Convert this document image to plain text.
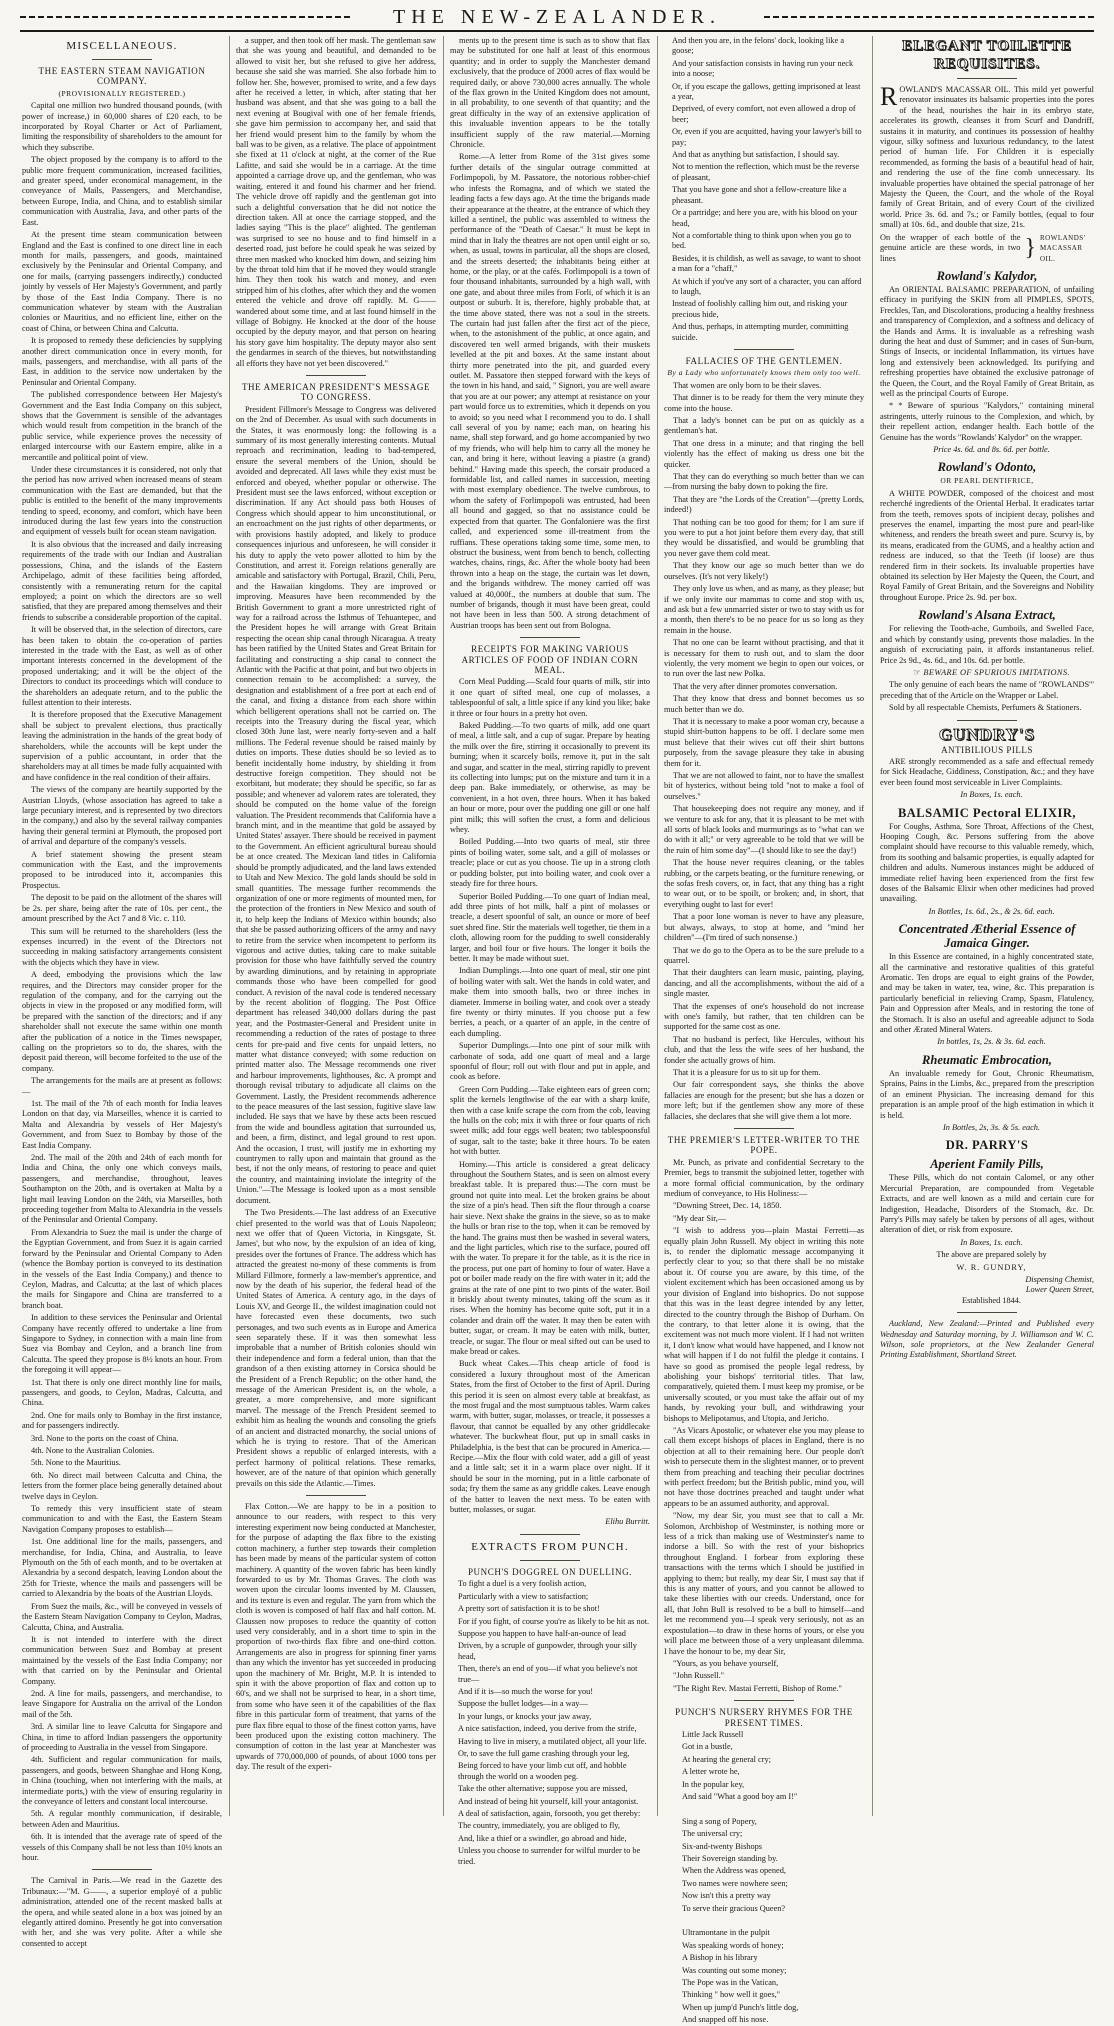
THE NEW-ZEALANDER.
MISCELLANEOUS.
THE EASTERN STEAM NAVIGATION COMPANY.

(PROVISIONALLY REGISTERED.)

Capital one million two hundred thousand pounds, (with power of increase,) in 60,000 shares of £20 each, to be incorporated by Royal Charter or Act of Parliament, limiting the responsibility of shareholders to the amount for which they subscribe.

The object proposed by the company is to afford to the public more frequent communication, increased facilities, and greater speed, under economical management, in the conveyance of Mails, Passengers, and Merchandise, between Europe, India, and China, and to establish similar communication with Australia, Java, and other parts of the East.

At the present time steam communication between England and the East is confined to one direct line in each month for mails, passengers, and goods, maintained exclusively by the Peninsular and Oriental Company, and one for mails, (carrying passengers indirectly,) conducted jointly by vessels of Her Majesty's Government, and partly by those of the East India Company. There is no communication whatever by steam with the Australian colonies or Mauritius, and no efficient line, either on the coast of China, or between China and Calcutta.

It is proposed to remedy these deficiencies by supplying another direct communication once in every month, for mails, passengers, and merchandise, with all parts of the East, in addition to the service now undertaken by the Peninsular and Oriental Company.

The published correspondence between Her Majesty's Government and the East India Company on this subject, shows that the Government is sensible of the advantages which would result from competition in the branch of the public service, while experience proves the necessity of enlarged intercourse with our Eastern empire, alike in a mercantile and political point of view.

Under these circumstances it is considered, not only that the period has now arrived when increased means of steam communication with the East are demanded, but that the public is entitled to the benefit of the many improvements tending to speed, economy, and comfort, which have been introduced during the last few years into the construction and equipment of vessels built for ocean steam navigation.

It is also obvious that the increased and daily increasing requirements of the trade with our Indian and Australian possessions, China, and the islands of the Eastern Archipelago, admit of these facilities being afforded, consistently with a remunerating return for the capital employed; a point on which the directors are so well satisfied, that they are prepared among themselves and their friends to subscribe a considerable proportion of the capital.

It will be observed that, in the selection of directors, care has been taken to obtain the co-operation of parties interested in the trade with the East, as well as of other important interests concerned in the development of the proposed undertaking; and it will be the object of the Directors to conduct its proceedings which will conduce to the shareholders an adequate return, and to the public the fullest attention to their interests.

It is therefore proposed that the Executive Management shall be subject to prevalent elections, thus practically leaving the administration in the hands of the great body of shareholders, while the accounts will be kept under the supervision of a public accountant, in order that the shareholders may at all times be made fully acquainted with and have confidence in the real condition of their affairs.

The views of the company are heartily supported by the Austrian Lloyds, (whose association has agreed to take a large pecuniary interest, and is represented by two directors in the company,) and also by the several railway companies having their general termini at Plymouth, the proposed port of arrival and departure of the company's vessels.

A brief statement showing the present steam communication with the East, and the improvements proposed to be introduced into it, accompanies this Prospectus.

The deposit to be paid on the allotment of the shares will be 2s. per share, being after the rate of 10s. per cent., the amount prescribed by the Act 7 and 8 Vic. c. 110.

This sum will be returned to the shareholders (less the expenses incurred) in the event of the Directors not succeeding in making satisfactory arrangements consistent with the objects which they have in view.

A deed, embodying the provisions which the law requires, and the Directors may consider proper for the regulation of the company, and for the carrying out the objects in view in the proposed or any modified form, will be prepared with the sanction of the directors; and if any shareholder shall not execute the same within one month after the publication of a notice in the Times newspaper, calling on the proprietors so to do, the shares, with the deposit paid thereon, will become forfeited to the use of the company.

The arrangements for the mails are at present as follows:—

1st. The mail of the 7th of each month for India leaves London on that day, via Marseilles, whence it is carried to Malta and Alexandria by vessels of Her Majesty's Government, and from Suez to Bombay by those of the East India Company.

2nd. The mail of the 20th and 24th of each month for India and China, the only one which conveys mails, passengers, and merchandise, throughout, leaves Southampton on the 20th, and is overtaken at Malta by a light mail leaving London on the 24th, via Marseilles, both proceeding together from Malta to Alexandria in the vessels of the Peninsular and Oriental Company.

From Alexandria to Suez the mail is under the charge of the Egyptian Government, and from Suez it is again carried forward by the Peninsular and Oriental Company to Aden (whence the Bombay portion is conveyed to its destination in the vessels of the East India Company,) and thence to Ceylon, Madras, and Calcutta; at the last of which places the mails for Singapore and China are transferred to a branch boat.

In addition to these services the Peninsular and Oriental Company have recently offered to undertake a line from Singapore to Sydney, in connection with a main line from Suez via Bombay and Ceylon, and a branch line from Calcutta. The speed they propose is 8½ knots an hour. From the foregoing it will appear—

1st. That there is only one direct monthly line for mails, passengers, and goods, to Ceylon, Madras, Calcutta, and China.

2nd. One for mails only to Bombay in the first instance, and for passengers indirectly.

3rd. None to the ports on the coast of China.

4th. None to the Australian Colonies.

5th. None to the Mauritius.

6th. No direct mail between Calcutta and China, the letters from the former place being generally detained about twelve days in Ceylon.

To remedy this very insufficient state of steam communication to and with the East, the Eastern Steam Navigation Company proposes to establish—

1st. One additional line for the mails, passengers, and merchandise, for India, China, and Australia, to leave Plymouth on the 5th of each month, and to be overtaken at Alexandria by a second despatch, leaving London about the 25th for Trieste, whence the mails and passengers will be carried to Alexandria by the boats of the Austrian Lloyds.

From Suez the mails, &c., will be conveyed in vessels of the Eastern Steam Navigation Company to Ceylon, Madras, Calcutta, China, and Australia.

It is not intended to interfere with the direct communication between Suez and Bombay at present maintained by the vessels of the East India Company; nor with that carried on by the Peninsular and Oriental Company.

2nd. A line for mails, passengers, and merchandise, to leave Singapore for Australia on the arrival of the London mail of the 5th.

3rd. A similar line to leave Calcutta for Singapore and China, in time to afford Indian passengers the opportunity of proceeding to Australia in the vessel from Singapore.

4th. Sufficient and regular communication for mails, passengers, and goods, between Shanghae and Hong Kong, in China (touching, when not interfering with the mails, at intermediate ports,) with the view of ensuring regularity in the conveyance of letters and constant local intercourse.

5th. A regular monthly communication, if desirable, between Aden and Mauritius.

6th. It is intended that the average rate of speed of the vessels of this Company shall be not less than 10½ knots an hour.

The Carnival in Paris.—We read in the Gazette des Tribunaux:—"M. G——, a superior employé of a public administration, attended one of the recent masked balls at the opera, and while seated alone in a box was joined by an elegantly attired domino. Presently he got into conversation with her, and she was very polite. After a while she consented to accept

a supper, and then took off her mask. The gentleman saw that she was young and beautiful, and demanded to be allowed to visit her, but she refused to give her address, because she said she was married. She also forbade him to follow her. She, however, promised to write, and a few days after he received a letter, in which, after stating that her husband was absent, and that she was going to a ball the next evening at Bougival with one of her female friends, she gave him permission to accompany her, and said that her friend would present him to the family by whom the ball was to be given, as a relative. The place of appointment she fixed at 11 o'clock at night, at the corner of the Rue Lafitte, and said she would be in a carriage. At the time appointed a carriage drove up, and the gentleman, who was waiting, entered it and found his charmer and her friend. The vehicle drove off rapidly and the gentleman got into such a delightful conversation that he did not notice the direction taken. All at once the carriage stopped, and the ladies saying "This is the place" alighted. The gentleman was surprised to see no house and to find himself in a deserted road, just before he could speak he was seized by three men masked who knocked him down, and seizing him by the throat told him that if he moved they would strangle him. They then took his watch and money, and even stripped him of his clothes, after which they and the women entered the vehicle and drove off rapidly. M. G—— wandered about some time, and at last found himself in the village of Bobigny. He knocked at the door of the house occupied by the deputy mayor, and that person on hearing his story gave him hospitality. The deputy mayor also sent the gendarmes in search of the thieves, but notwithstanding all efforts they have not yet been discovered."

THE AMERICAN PRESIDENT'S MESSAGE TO CONGRESS.

President Fillmore's Message to Congress was delivered on the 2nd of December. As usual with such documents in the States, it was enormously long: the following is a summary of its most generally interesting contents. Mutual reproach and recrimination, leading to bad-tempered, ensure the several members of the Union, should be avoided and deprecated. All laws while they exist must be enforced and obeyed, whether popular or otherwise. The President must see the laws enforced, without exception or discrimination. If any Act should pass both Houses of Congress which should appear to him unconstitutional, or an encroachment on the just rights of other departments, or with provisions hastily adopted, and likely to produce consequences injurious and unforeseen, he will consider it his duty to apply the veto power allotted to him by the Constitution, and arrest it. Foreign relations generally are amicable and satisfactory with Portugal, Brazil, Chili, Peru, and the Hawaiian kingdoms. They are improved or improving. Measures have been recommended by the British Government to grant a more unrestricted right of way for a railroad across the Isthmus of Tehuantepec, and the President hopes he will arrange with Great Britain respecting the ocean ship canal through Nicaragua. A treaty has been ratified by the United States and Great Britain for facilitating and constructing a ship canal to connect the Atlantic with the Pacific at that point, and but two objects in connection remain to be accomplished: a survey, the designation and establishment of a free port at each end of the canal, and fixing a distance from each shore within which belligerent operations shall not be carried on. The receipts into the Treasury during the fiscal year, which closed 30th June last, were nearly forty-seven and a half millions. The Federal revenue should be raised mainly by duties on imports. These duties should be so levied as to benefit incidentally home industry, by shielding it from destructive foreign competition. They should not be exorbitant, but moderate; they should be specific, so far as possible; and whenever ad valorem rates are tolerated, they should be computed on the home value of the foreign valuation. The President recommends that California have a branch mint, and in the meantime that gold be assayed by United States' assayer. There should be received in payment to the Government. An efficient agricultural bureau should be at once created. The Mexican land titles in California should be promptly adjudicated, and the land laws extended to Utah and New Mexico. The gold lands should be sold in small quantities. The message further recommends the organization of one or more regiments of mounted men, for the protection of the frontiers in New Mexico and south of it, to help keep the Indians of Mexico within bounds; also that she be passed authorizing officers of the army and navy to retire from the service when incompetent to perform its vigorous and active duties, taking care to make suitable provision for those who have faithfully served the country by awarding diminutions, and by retaining in appropriate commands those who have been compelled for good conduct. A revision of the naval code is tendered necessary by the recent abolition of flogging. The Post Office department has released 340,000 dollars during the past year, and the Postmaster-General and President unite in recommending a reduction of the rates of postage to three cents for pre-paid and five cents for unpaid letters, no matter what distance conveyed; with some reduction on printed matter also. The Message recommends one river and harbour improvements, lighthouses, &c. A prompt and thorough revisal tributary to adjudicate all claims on the Government. Lastly, the President recommends adherence to the peace measures of the last session, fugitive slave law included. He says that we have by these acts been rescued from the wide and boundless agitation that surrounded us, and been, a firm, distinct, and legal ground to rest upon. And the occasion, I trust, will justify me in exhorting my countrymen to rally upon and maintain that ground as the best, if not the only means, of restoring to peace and quiet the country, and maintaining inviolate the integrity of the Union."—The Message is looked upon as a most sensible document.

The Two Presidents.—The last address of an Executive chief presented to the world was that of Louis Napoleon; next we offer that of Queen Victoria, in Kingsgate, St. James', but who now, by the expulsion of an idea of king, presides over the fortunes of France. The address which has attracted the greatest no-mony of these comments is from Millard Fillmore, formerly a law-member's apprentice, and now by the death of his superior, the federal head of the United States of America. A century ago, in the days of Louis XV, and George II., the wildest imagination could not have forecasted even these documents, two such personages, and two such events as in Europe and America seen separately these. If it was then somewhat less improbable that a number of British colonies should win their independence and form a federal union, than that the grandson of a then existing attorney in Corsica should be the President of a French Republic; on the other hand, the message of the American President is, on the whole, a greater, a more comprehensive, and more significant marvel. The message of the French President seemed to exhibit him as healing the wounds and consoling the griefs of an ancient and distracted monarchy, the social unions of which he is trying to restore. That of the American President shows a republic of enlarged interests, with a perfect harmony of political relations. These remarks, however, are of the nature of that opinion which generally prevails on this side the Atlantic.—Times.

Flax Cotton.—We are happy to be in a position to announce to our readers, with respect to this very interesting experiment now being conducted at Manchester, for the purpose of adapting the flax fibre to the existing cotton machinery, a further step towards their completion has been made by means of the particular system of cotton machinery. A quantity of the woven fabric has been kindly forwarded to us by Mr. Thomas Graves. The cloth was woven upon the circular looms invented by M. Claussen, and its texture is even and regular. The yarn from which the cloth is woven is composed of half flax and half cotton. M. Claussen now proposes to reduce the quantity of cotton used very considerably, and in a short time to spin in the proportion of two-thirds flax fibre and one-third cotton. Arrangements are also in progress for spinning finer yarns than any which the inventor has yet succeeded in producing upon the machinery of Mr. Bright, M.P. It is intended to spin it with the above proportion of flax and cotton up to 60's, and we shall not be surprised to hear, in a short time, from some who have seen it of the capabilities of the flax fibre in this particular form of treatment, that yarns of the pure flax fibre equal to those of the finest cotton yarns, have been produced upon the existing cotton machinery. The consumption of cotton in the last year at Manchester was upwards of 770,000,000 of pounds, of about 1000 tons per day. The result of the experi-

ments up to the present time is such as to show that flax may be substituted for one half at least of this enormous quantity; and in order to supply the Manchester demand exclusively, that the produce of 2000 acres of flax would be required daily, or above 730,000 acres annually. The whole of the flax grown in the United Kingdom does not amount, in all probability, to one seventh of that quantity; and the great difficulty in the way of an extensive application of this invaluable invention appears to be the totally insufficient supply of the raw material.—Morning Chronicle.

Rome.—A letter from Rome of the 31st gives some further details of the singular outrage committed at Forlimpopoli, by M. Passatore, the notorious robber-chief who infests the Romagna, and of which we stated the leading facts a few days ago. At the time the brigands made their appearance at the theatre, at the entrance of which they killed a sentinel, the public was assembled to witness the performance of the "Death of Caesar." It must be kept in mind that in Italy the theatres are not open until eight or so, when, as usual, towns in particular, all the shops are closed, and the streets deserted; the inhabitants being either at home, or the play, or at the cafés. Forlimpopoli is a town of four thousand inhabitants, surrounded by a high wall, with one gate, and about three miles from Forli, of which it is an outpost or suburb. It is, therefore, highly probable that, at the time above stated, there was not a soul in the streets. The curtain had just fallen after the first act of the piece, when, to the astonishment of the public, at once again, and discovered ten well armed brigands, with their muskets levelled at the pit and boxes. At the same instant about thirty more penetrated into the pit, and guarded every outlet. M. Passatore then stepped forward with the keys of the town in his hand, and said, " Signori, you are well aware that you are at our power; any attempt at resistance on your part would force us to extremities, which it depends on you to avoid; so you need what I recommend you to do. I shall call several of you by name; each man, on hearing his name, shall step forward, and go home accompanied by two of my friends, who will help him to carry all the money he can, and bring it here, without leaving a piastre (a grand) behind." Having made this speech, the corsair produced a formidable list, and called names in succession, meeting with most exemplary obedience. The twelve cumbrous, to whom the safety of Forlimpopoli was entrusted, had been all bound and gagged, so that no assistance could be expected from that quarter. The Gonfaloniere was the first called, and experienced some ill-treatment from the ruffians. These operations taking some time, some men, to obstruct the business, went from bench to bench, collecting watches, chains, rings, &c. After the whole booty had been thrown into a heap on the stage, the curtain was let down, and the brigands withdrew. The money carried off was valued at 40,000f., the numbers at double that sum. The number of brigands, though it must have been great, could not have been in less than 500. A strong detachment of Austrian troops has been sent out from Bologna.

RECEIPTS FOR MAKING VARIOUS ARTICLES OF FOOD OF INDIAN CORN MEAL.

Corn Meal Pudding.—Scald four quarts of milk, stir into it one quart of sifted meal, one cup of molasses, a tablespoonful of salt, a little spice if any kind you like; bake it three or four hours in a pretty hot oven.

Baked Pudding.—To two quarts of milk, add one quart of meal, a little salt, and a cup of sugar. Prepare by heating the milk over the fire, stirring it occasionally to prevent its burning; when it scarcely boils, remove it, put in the salt and sugar, and scatter in the meal, stirring rapidly to prevent its collecting into lumps; put on the mixture and turn it in a deep pan. Bake immediately, or otherwise, as may be convenient, in a hot oven, three hours. When it has baked an hour or more, pour over the pudding one gill or one half pint milk; this will soften the crust, a form and delicious whey.

Boiled Pudding.—Into two quarts of meal, stir three pints of boiling water, some salt, and a gill of molasses or treacle; place or cut as you choose. Tie up in a strong cloth or pudding bolster, put into boiling water, and cook over a steady fire for three hours.

Superior Boiled Pudding.—To one quart of Indian meal, add three pints of hot milk, half a pint of molasses or treacle, a desert spoonful of salt, an ounce or more of beef suet shred fine. Stir the materials well together, tie them in a cloth, allowing room for the pudding to swell considerably larger, and boil four or five hours. The longer it boils the better. It may be made without suet.

Indian Dumplings.—Into one quart of meal, stir one pint of boiling water with salt. Wet the hands in cold water, and make them into smooth balls, two or three inches in diameter. Immerse in boiling water, and cook over a steady fire twenty or thirty minutes. If you choose put a few berries, a peach, or a quarter of an apple, in the centre of each dumpling.

Superior Dumplings.—Into one pint of sour milk with carbonate of soda, add one quart of meal and a large spoonful of flour; roll out with flour and put in apple, and cook as before.

Green Corn Pudding.—Take eighteen ears of green corn; split the kernels lengthwise of the ear with a sharp knife, then with a case knife scrape the corn from the cob, leaving the hulls on the cob; mix it with three or four quarts of rich sweet milk; add four eggs well beaten; two tablespoonsful of sugar, salt to the taste; bake it three hours. To be eaten hot with butter.

Hominy.—This article is considered a great delicacy throughout the Southern States, and is seen on almost every breakfast table. It is prepared thus:—The corn must be ground not quite into meal. Let the broken grains be about the size of a pin's head. Then sift the flour through a coarse hair sieve. Next shake the grains in the sieve, so as to make the hulls or bran rise to the top, when it can be removed by the hand. The grains must then be washed in several waters, and the light particles, which rise to the surface, poured off with the water. To prepare it for the table, as it is the rice in the process, put one part of hominy to four of water. Have a pot or boiler made ready on the fire with water in it; add the grains at the rate of one pint to two pints of the water. Boil it briskly about twenty minutes, taking off the scum as it rises. When the hominy has become quite soft, put it in a colander and drain off the water. It may then be eaten with butter, sugar, or cream. It may be eaten with milk, butter, treacle, or sugar. The flour or meal sifted out can be used to make bread or cakes.

Buck wheat Cakes.—This cheap article of food is considered a luxury throughout most of the American States, from the first of October to the first of April. During this period it is seen on almost every table at breakfast, as the most frugal and the most sumptuous tables. Warm cakes warm, with butter, sugar, molasses, or treacle, it possesses a flavour, that cannot be equalled by any other griddlecake whatever. The buckwheat flour, put up in small casks in Philadelphia, is the best that can be procured in America.—Recipe.—Mix the flour with cold water, add a gill of yeast and a little salt; set it in a warm place over night. If it should be sour in the morning, put in a little carbonate of soda; fry them the same as any griddle cakes. Leave enough of the batter to leaven the next mess. To be eaten with butter, molasses, or sugar.

Elihu Burritt.

EXTRACTS FROM PUNCH.
PUNCH'S DOGGREL ON DUELLING.

To fight a duel is a very foolish action,

Particularly with a view to satisfaction;

A pretty sort of satisfaction it is to be shot!

For if you fight, of course you're as likely to be hit as not.

Suppose you happen to have half-an-ounce of lead

Driven, by a scruple of gunpowder, through your silly head,

Then, there's an end of you—if what you believe's not true—

And if it is—so much the worse for you!

Suppose the bullet lodges—in a way—

In your lungs, or knocks your jaw away,

A nice satisfaction, indeed, you derive from the strife,

Having to live in misery, a mutilated object, all your life.

Or, to save the full game crashing through your leg,

Being forced to have your limb cut off, and hobble through the world on a wooden peg.

Take the other alternative; suppose you are missed,

And instead of being hit yourself, kill your antagonist.

A deal of satisfaction, again, forsooth, you get thereby:

The country, immediately, you are obliged to fly,

And, like a thief or a swindler, go abroad and hide,

Unless you choose to surrender for wilful murder to be tried.

And then you are, in the felons' dock, looking like a goose;

And your satisfaction consists in having run your neck into a noose;

Or, if you escape the gallows, getting imprisoned at least a year,

Deprived, of every comfort, not even allowed a drop of beer;

Or, even if you are acquitted, having your lawyer's bill to pay;

And that as anything but satisfaction, I should say.

Not to mention the reflection, which must be the reverse of pleasant,

That you have gone and shot a fellow-creature like a pheasant.

Or a partridge; and here you are, with his blood on your head,

Not a comfortable thing to think upon when you go to bed.

Besides, it is childish, as well as savage, to want to shoot a man for a "chaff,"

At which if you've any sort of a character, you can afford to laugh,

Instead of foolishly calling him out, and risking your precious hide,

And thus, perhaps, in attempting murder, committing suicide.

FALLACIES OF THE GENTLEMEN.

By a Lady who unfortunately knows them only too well.

That women are only born to be their slaves.

That dinner is to be ready for them the very minute they come into the house.

That a lady's bonnet can be put on as quickly as a gentleman's hat.

That one dress in a minute; and that ringing the bell violently has the effect of making us dress one bit the quicker.

That they can do everything so much better than we can—from nursing the baby down to poking the fire.

That they are "the Lords of the Creation"—(pretty Lords, indeed!)

That nothing can be too good for them; for I am sure if you were to put a hot joint before them every day, that still they would be dissatisfied, and would be grumbling that you never gave them cold meat.

That they know our age so much better than we do ourselves. (It's not very likely!)

They only love us when, and as many, as they please; but if we only invite our mammas to come and stop with us, and ask but a few unmarried sister or two to stay with us for a month, then there's to be no peace for us so long as they remain in the house.

That no one can be learnt without practising, and that it is necessary for them to rush out, and to slam the door violently, the very moment we begin to open our voices, or to run over the last new Polka.

That the very after dinner promotes conversation.

That they know that dress and bonnet becomes us so much better than we do.

That it is necessary to make a poor woman cry, because a stupid shirt-button happens to be off. I declare some men must believe that their wives cut off their shirt buttons purposely, from the savage pleasure they take in abusing them for it.

That we are not allowed to faint, nor to have the smallest bit of hysterics, without being told "not to make a fool of ourselves."

That housekeeping does not require any money, and if we venture to ask for any, that it is pleasant to be met with all sorts of black looks and murmurings as to "what can we do with it all;" or very agreeable to be told that we will be the ruin of him some day"—(I should like to see the day!)

That the house never requires cleaning, or the tables rubbing, or the carpets beating, or the furniture renewing, or the sofas fresh covers, or, in fact, that any thing has a right to wear out, or to be spoilt, or broken; and, in short, that everything ought to last for ever!

That a poor lone woman is never to have any pleasure, but always, always, to stop at home, and "mind her children"—(I'm tired of such nonsense.)

That we do go to the Opera as to be the sure prelude to a quarrel.

That their daughters can learn music, painting, playing, dancing, and all the accomplishments, without the aid of a single master.

That the expenses of one's household do not increase with one's family, but rather, that ten children can be supported for the same cost as one.

That no husband is perfect, like Hercules, without his club, and that the less the wife sees of her husband, the fonder she actually grows of him.

That it is a pleasure for us to sit up for them.

Our fair correspondent says, she thinks the above fallacies are enough for the present; but she has a dozen or more left; but if the gentlemen show any more of these fallacies, she declares that she will give them a lot more.

THE PREMIER'S LETTER-WRITER TO THE POPE.

Mr. Punch, as private and confidential Secretary to the Premier, begs to transmit the subjoined letter, together with a more formal official communication, by the ordinary medium of conveyance, to His Holiness:—

"Downing Street, Dec. 14, 1850.

"My dear Sir,—

"I wish to address you—plain Mastai Ferretti—as equally plain John Russell. My object in writing this note is, to render the diplomatic message accompanying it perfectly clear to you; so that there shall be no mistake about it. Of course you are aware, by this time, of the violent excitement which has been occasioned among us by your division of England into bishoprics. Do not suppose that this was in the least degree intended by any letter, directed to the country through the Bishop of Durham. On the contrary, to that letter alone it is owing, that the excitement was not much more violent. If I had not written it, I don't know what would have happened, and I know not what will happen if I do not fulfil the pledge it contains. I have so good as promised the people legal redress, by abolishing your bishops' territorial titles. That law, comparatively, quieted them. I must keep my promise, or be universally scouted, or you must take the affair out of my hands, by revoking your bull, and withdrawing your bishops to Melipotamus, and Utopia, and Jericho.

"As Vicars Apostolic, or whatever else you may please to call them except bishops of places in England, there is no objection at all to their remaining here. Our people don't wish to persecute them in the slightest manner, or to prevent them from preaching and teaching their peculiar doctrines with perfect freedom; but the British public, mind you, will not have those doctrines preached and taught under what appears to be an assumed authority, and approval.

"Now, my dear Sir, you must see that to call a Mr. Solomon, Archbishop of Westminster, is nothing more or less of a trick than making use of Westminster's name to indorse a bill. So with the rest of your bishoprics throughout England. I forbear from exploring these transactions with the terms which I should be justified in applying to them; but really, my dear Sir, I must say that if this is any matter of yours, and you cannot be allowed to take these liberties with our creeds. Understand, once for all, that John Bull is resolved to be a bull to himself—and let me recommend you—I speak very seriously, not as an expostulation—to draw in these horns of yours, or else you will place me between those of a very unpleasant dilemma. I have the honour to be, my dear Sir,

"Yours, as you behave yourself,

"John Russell."

"The Right Rev. Mastai Ferretti, Bishop of Rome."

PUNCH'S NURSERY RHYMES FOR THE PRESENT TIMES.

Little Jack Russell

Got in a bustle,

At hearing the general cry;

A letter wrote he,

In the popular key,

And said "What a good boy am I!"

Sing a song of Popery,

The universal cry;

Six-and-twenty Bishops

Their Sovereign standing by.

When the Address was opened,

Two names were nowhere seen;

Now isn't this a pretty way

To serve their gracious Queen?

Ultramontane in the pulpit

Was speaking words of honey;

A Bishop in his library

Was counting out some money;

The Pope was in the Vatican,

Thinking " how well it goes,"

When up jump'd Punch's little dog,

And snapped off his nose.

ELEGANT TOILETTE
REQUISITES.

ROWLAND'S MACASSAR OIL. This mild yet powerful renovator insinuates its balsamic properties into the pores of the head, nourishes the hair in its embryo state, accelerates its growth, cleanses it from Scurf and Dandriff, sustains it in maturity, and continues its possession of healthy vigour, silky softness and luxurious redundancy, to the latest period of human life. For Children it is especially recommended, as forming the basis of a beautiful head of hair, and rendering the use of the fine comb unnecessary. Its invaluable properties have obtained the special patronage of her Majesty the Queen, the Court, and the whole of the Royal family of Great Britain, and of every Court of the civilized world. Price 3s. 6d. and 7s.; or Family bottles, (equal to four small) at 10s. 6d., and double that size, 21s.

On the wrapper of each bottle of the genuine article are these words, in two lines	} ROWLANDS' MACASSAR OIL.
Rowland's Kalydor,

An ORIENTAL BALSAMIC PREPARATION, of unfailing efficacy in purifying the SKIN from all PIMPLES, SPOTS, Freckles, Tan, and Discolorations, producing a healthy freshness and transparency of Complexion, and a softness and delicacy of the Hands and Arms. It is invaluable as a refreshing wash during the heat and dust of Summer; and in cases of Sun-burn, Stings of Insects, or incidental Inflammation, its virtues have long and extensively been acknowledged. Its purifying and refreshing properties have obtained the exclusive patronage of the Queen, the Court, and the Royal Family of Great Britain, as well as the principal Courts of Europe.

* * Beware of spurious "Kalydors," containing mineral astringents, utterly ruinous to the Complexion, and which, by their repellent action, endanger health. Each bottle of the Genuine has the words "Rowlands' Kalydor" on the wrapper.

Price 4s. 6d. and 8s. 6d. per bottle.

Rowland's Odonto,

OR PEARL DENTIFRICE,

A WHITE POWDER, composed of the choicest and most recherché ingredients of the Oriental Herbal. It eradicates tartar from the teeth, removes spots of incipient decay, polishes and preserves the enamel, imparting the most pure and pearl-like whiteness, and renders the breath sweet and pure. Scurvy is, by its means, eradicated from the GUMS, and a healthy action and redness are induced, so that the Teeth (if loose) are thus rendered firm in their sockets. Its invaluable properties have obtained its selection by Her Majesty the Queen, the Court, and Royal Family of Great Britain, and the Sovereigns and Nobility throughout Europe. Price 2s. 9d. per box.

Rowland's Alsana Extract,

For relieving the Tooth-ache, Gumboils, and Swelled Face, and which by constantly using, prevents those maladies. In the anguish of excruciating pain, it affords instantaneous relief. Price 2s 9d., 4s. 6d., and 10s. 6d. per bottle.

☞ BEWARE OF SPURIOUS IMITATIONS.

The only genuine of each bears the name of "ROWLANDS'" preceding that of the Article on the Wrapper or Label.

Sold by all respectable Chemists, Perfumers & Stationers.

GUNDRY'S

ANTIBILIOUS PILLS

ARE strongly recommended as a safe and effectual remedy for Sick Headache, Giddiness, Constipation, &c.; and they have ever been found most serviceable in Liver Complaints.

In Boxes, 1s. each.

BALSAMIC Pectoral ELIXIR,

For Coughs, Asthma, Sore Throat, Affections of the Chest, Hooping Cough, &c. Persons suffering from the above complaint should have recourse to this valuable remedy, which, from its soothing and balsamic properties, is equally adapted for children and adults. Numerous instances might be adduced of immediate relief having been experienced from the first few doses of the Balsamic Elixir when other medicines had proved unavailing.

In Bottles, 1s. 6d., 2s., & 2s. 6d. each.

Concentrated Ætherial Essence of Jamaica Ginger.

In this Essence are contained, in a highly concentrated state, all the carminative and restorative qualities of this grateful Aromatic. Ten drops are equal to eight grains of the Powder, and may be taken in water, tea, wine, &c. This preparation is particularly beneficial in relieving Cramp, Spasm, Flatulency, Pain and Oppression after Meals, and in restoring the tone of the Stomach. It is also an useful and agreeable adjunct to Soda and other Ærated Mineral Waters.

In bottles, 1s, 2s. & 3s. 6d. each.

Rheumatic Embrocation,

An invaluable remedy for Gout, Chronic Rheumatism, Sprains, Pains in the Limbs, &c., prepared from the prescription of an eminent Physician. The increasing demand for this preparation is an ample proof of the high estimation in which it is held.

In Bottles, 2s, 3s. & 5s. each.

DR. PARRY'S
Aperient Family Pills,

These Pills, which do not contain Calomel, or any other Mercurial Preparation, are compounded from Vegetable Extracts, and are well known as a mild and certain cure for Indigestion, Headache, Disorders of the Stomach, &c. Dr. Parry's Pills may safely be taken by persons of all ages, without alteration of diet, or risk from exposure.

In Boxes, 1s. each.

The above are prepared solely by

W. R. GUNDRY,

Dispensing Chemist,

Lower Queen Street,

Established 1844.

Auckland, New Zealand:—Printed and Published every Wednesday and Saturday morning, by J. Williamson and W. C. Wilson, sole proprietors, at the New Zealander General Printing Establishment, Shortland Street.
